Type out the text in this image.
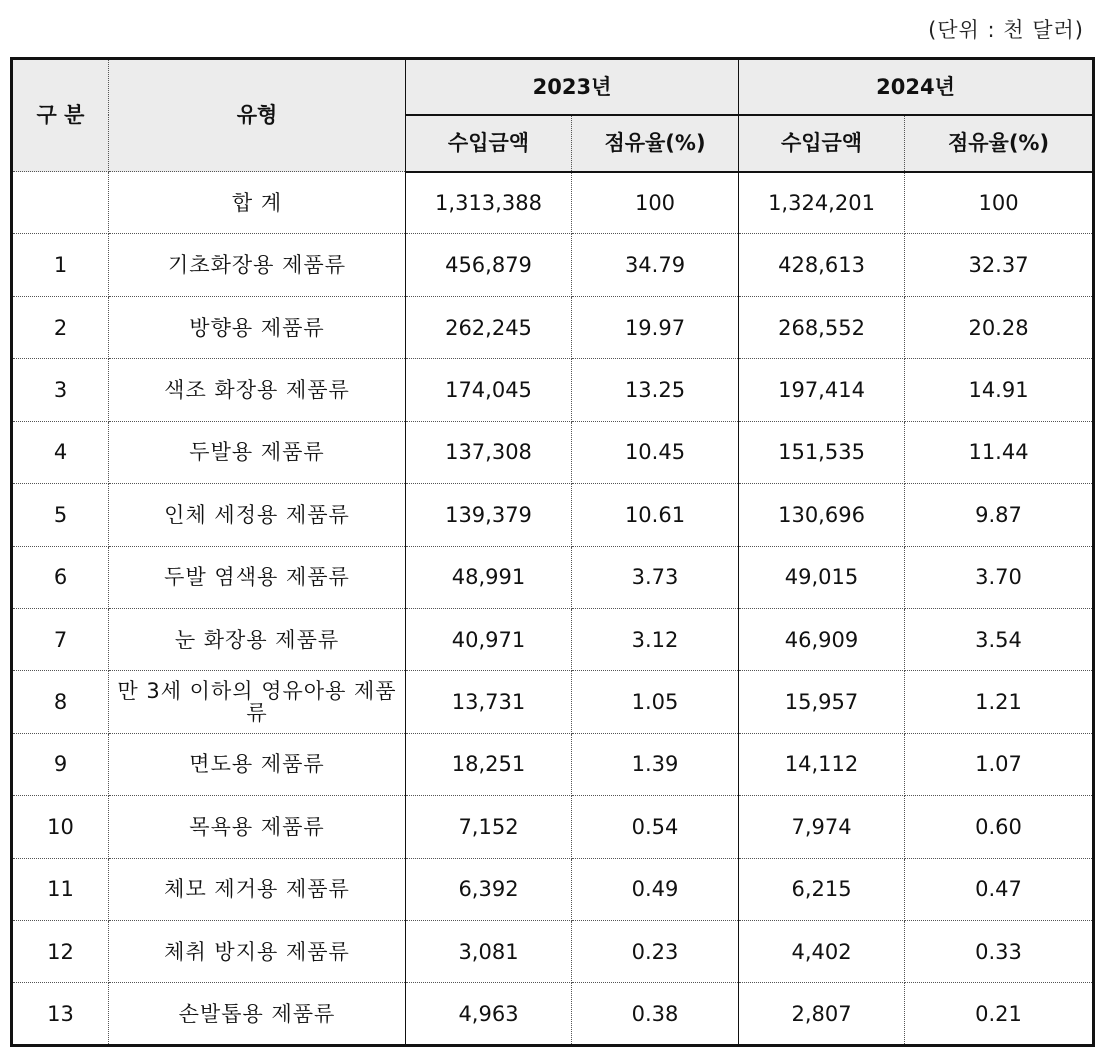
(단위 : 천 달러)
구 분	유형	2023년		2024년	
		수입금액	점유율(%)	수입금액	점유율(%)
	합 계	1,313,388	100	1,324,201	100
1	기초화장용 제품류	456,879	34.79	428,613	32.37
2	방향용 제품류	262,245	19.97	268,552	20.28
3	색조 화장용 제품류	174,045	13.25	197,414	14.91
4	두발용 제품류	137,308	10.45	151,535	11.44
5	인체 세정용 제품류	139,379	10.61	130,696	9.87
6	두발 염색용 제품류	48,991	3.73	49,015	3.70
7	눈 화장용 제품류	40,971	3.12	46,909	3.54
8	만 3세 이하의 영유아용 제품류	13,731	1.05	15,957	1.21
9	면도용 제품류	18,251	1.39	14,112	1.07
10	목욕용 제품류	7,152	0.54	7,974	0.60
11	체모 제거용 제품류	6,392	0.49	6,215	0.47
12	체취 방지용 제품류	3,081	0.23	4,402	0.33
13	손발톱용 제품류	4,963	0.38	2,807	0.21
